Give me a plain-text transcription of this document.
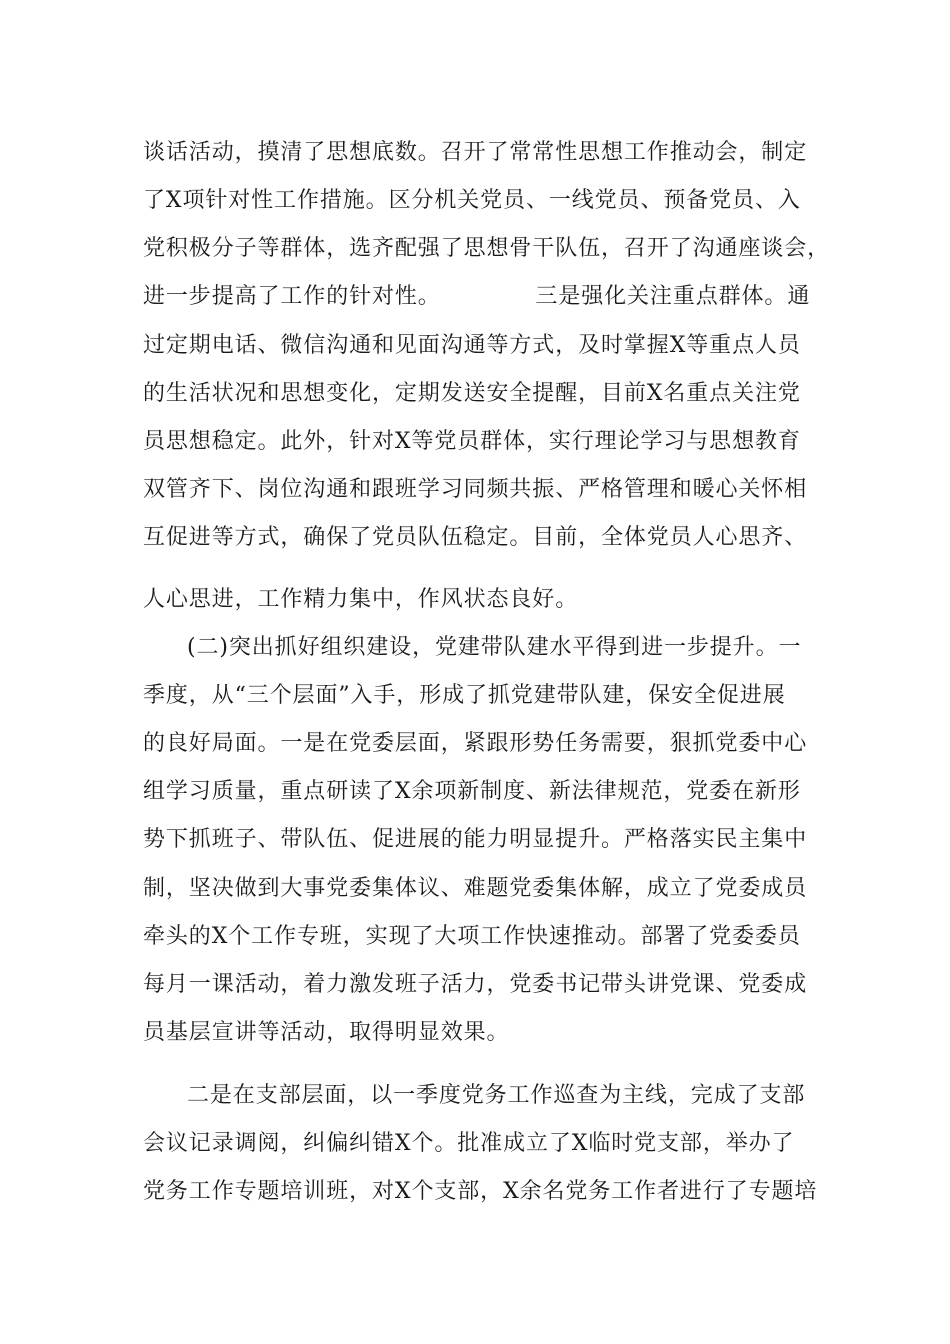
谈话活动，摸清了思想底数。召开了常常性思想工作推动会，制定
了X项针对性工作措施。区分机关党员、一线党员、预备党员、入
党积极分子等群体，选齐配强了思想骨干队伍，召开了沟通座谈会，
进一步提高了工作的针对性。            三是强化关注重点群体。通
过定期电话、微信沟通和见面沟通等方式，及时掌握X等重点人员
的生活状况和思想变化，定期发送安全提醒，目前X名重点关注党
员思想稳定。此外，针对X等党员群体，实行理论学习与思想教育
双管齐下、岗位沟通和跟班学习同频共振、严格管理和暖心关怀相
互促进等方式，确保了党员队伍稳定。目前，全体党员人心思齐、
人心思进，工作精力集中，作风状态良好。
(二)突出抓好组织建设，党建带队建水平得到进一步提升。一
季度，从“三个层面”入手，形成了抓党建带队建，保安全促进展
的良好局面。一是在党委层面，紧跟形势任务需要，狠抓党委中心
组学习质量，重点研读了X余项新制度、新法律规范，党委在新形
势下抓班子、带队伍、促进展的能力明显提升。严格落实民主集中
制，坚决做到大事党委集体议、难题党委集体解，成立了党委成员
牵头的X个工作专班，实现了大项工作快速推动。部署了党委委员
每月一课活动，着力激发班子活力，党委书记带头讲党课、党委成
员基层宣讲等活动，取得明显效果。
二是在支部层面，以一季度党务工作巡查为主线，完成了支部
会议记录调阅，纠偏纠错X个。批准成立了X临时党支部，举办了
党务工作专题培训班，对X个支部，X余名党务工作者进行了专题培
